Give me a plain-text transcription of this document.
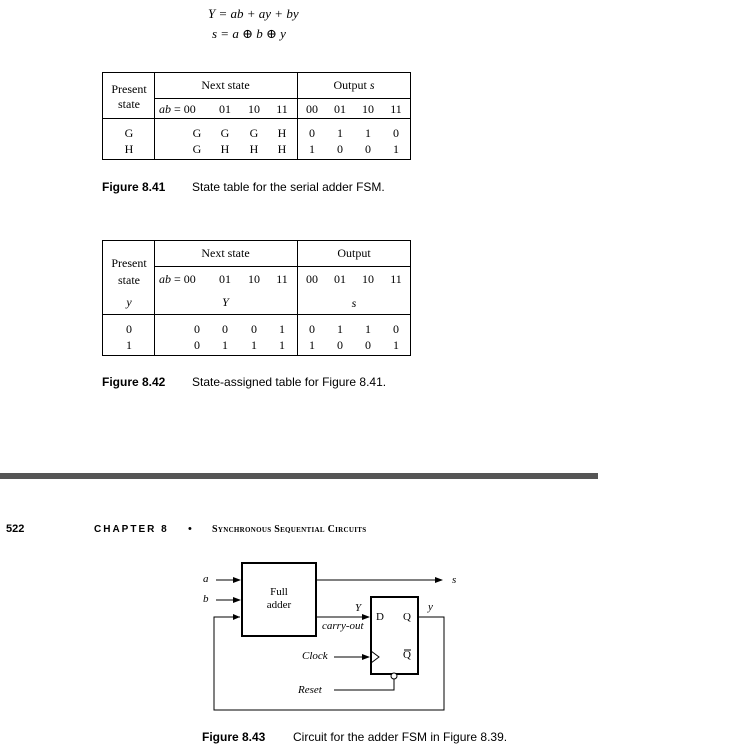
Y = ab + ay + by
s = a ⊕ b ⊕ y
Present
state
Next state	Output s
ab = 00	01	10	11	00	01	10	11
G	G	G	G	H	0	1	1	0
H	G	H	H	H	1	0	0	1
Figure 8.41 State table for the serial adder FSM.
Present
state
y
Next state	Output
ab = 00	01	10	11	00	01	10	11
Y	s
0	0	0	0	1	0	1	1	0
1	0	1	1	1	1	0	0	1
Figure 8.42 State-assigned table for Figure 8.41.
522	CHAPTER 8 • Synchronous Sequential Circuits
a
b
Full
adder
s
Y
carry-out
D Q
Q
y
Clock
Reset
Figure 8.43 Circuit for the adder FSM in Figure 8.39.
